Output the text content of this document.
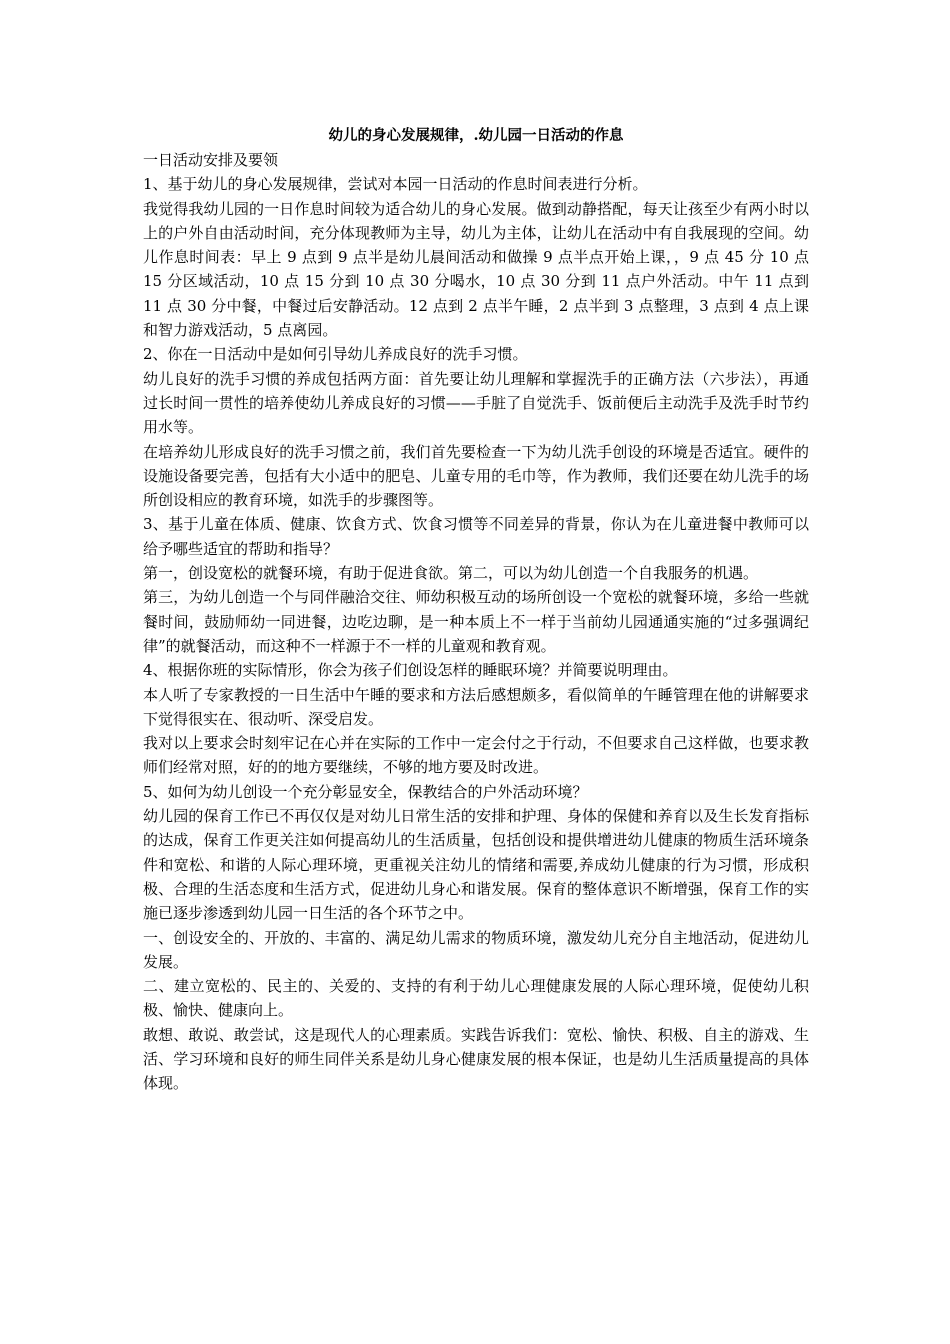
幼儿的身心发展规律，.幼儿园一日活动的作息

一日活动安排及要领

1、基于幼儿的身心发展规律，尝试对本园一日活动的作息时间表进行分析。

我觉得我幼儿园的一日作息时间较为适合幼儿的身心发展。做到动静搭配，每天让孩至少有两小时以上的户外自由活动时间，充分体现教师为主导，幼儿为主体，让幼儿在活动中有自我展现的空间。幼儿作息时间表：早上 9 点到 9 点半是幼儿晨间活动和做操 9 点半点开始上课，，9 点 45 分 10 点 15 分区域活动，10 点 15 分到 10 点 30 分喝水，10 点 30 分到 11 点户外活动。中午 11 点到 11 点 30 分中餐，中餐过后安静活动。12 点到 2 点半午睡，2 点半到 3 点整理，3 点到 4 点上课和智力游戏活动，5 点离园。

2、你在一日活动中是如何引导幼儿养成良好的洗手习惯。

幼儿良好的洗手习惯的养成包括两方面：首先要让幼儿理解和掌握洗手的正确方法（六步法），再通过长时间一贯性的培养使幼儿养成良好的习惯——手脏了自觉洗手、饭前便后主动洗手及洗手时节约用水等。

在培养幼儿形成良好的洗手习惯之前，我们首先要检查一下为幼儿洗手创设的环境是否适宜。硬件的设施设备要完善，包括有大小适中的肥皂、儿童专用的毛巾等，作为教师，我们还要在幼儿洗手的场所创设相应的教育环境，如洗手的步骤图等。

3、基于儿童在体质、健康、饮食方式、饮食习惯等不同差异的背景，你认为在儿童进餐中教师可以给予哪些适宜的帮助和指导？

第一，创设宽松的就餐环境，有助于促进食欲。第二，可以为幼儿创造一个自我服务的机遇。

第三，为幼儿创造一个与同伴融洽交往、师幼积极互动的场所创设一个宽松的就餐环境，多给一些就餐时间，鼓励师幼一同进餐，边吃边聊，是一种本质上不一样于当前幼儿园通通实施的“过多强调纪律”的就餐活动，而这种不一样源于不一样的儿童观和教育观。

4、根据你班的实际情形，你会为孩子们创设怎样的睡眠环境？并简要说明理由。

本人听了专家教授的一日生活中午睡的要求和方法后感想颇多，看似简单的午睡管理在他的讲解要求下觉得很实在、很动听、深受启发。

我对以上要求会时刻牢记在心并在实际的工作中一定会付之于行动，不但要求自己这样做，也要求教师们经常对照，好的的地方要继续，不够的地方要及时改进。

5、如何为幼儿创设一个充分彰显安全，保教结合的户外活动环境？

幼儿园的保育工作已不再仅仅是对幼儿日常生活的安排和护理、身体的保健和养育以及生长发育指标的达成，保育工作更关注如何提高幼儿的生活质量，包括创设和提供增进幼儿健康的物质生活环境条件和宽松、和谐的人际心理环境，更重视关注幼儿的情绪和需要,养成幼儿健康的行为习惯，形成积极、合理的生活态度和生活方式，促进幼儿身心和谐发展。保育的整体意识不断增强，保育工作的实施已逐步渗透到幼儿园一日生活的各个环节之中。

一、创设安全的、开放的、丰富的、满足幼儿需求的物质环境，激发幼儿充分自主地活动，促进幼儿发展。

二、建立宽松的、民主的、关爱的、支持的有利于幼儿心理健康发展的人际心理环境，促使幼儿积极、愉快、健康向上。

敢想、敢说、敢尝试，这是现代人的心理素质。实践告诉我们：宽松、愉快、积极、自主的游戏、生活、学习环境和良好的师生同伴关系是幼儿身心健康发展的根本保证，也是幼儿生活质量提高的具体体现。
